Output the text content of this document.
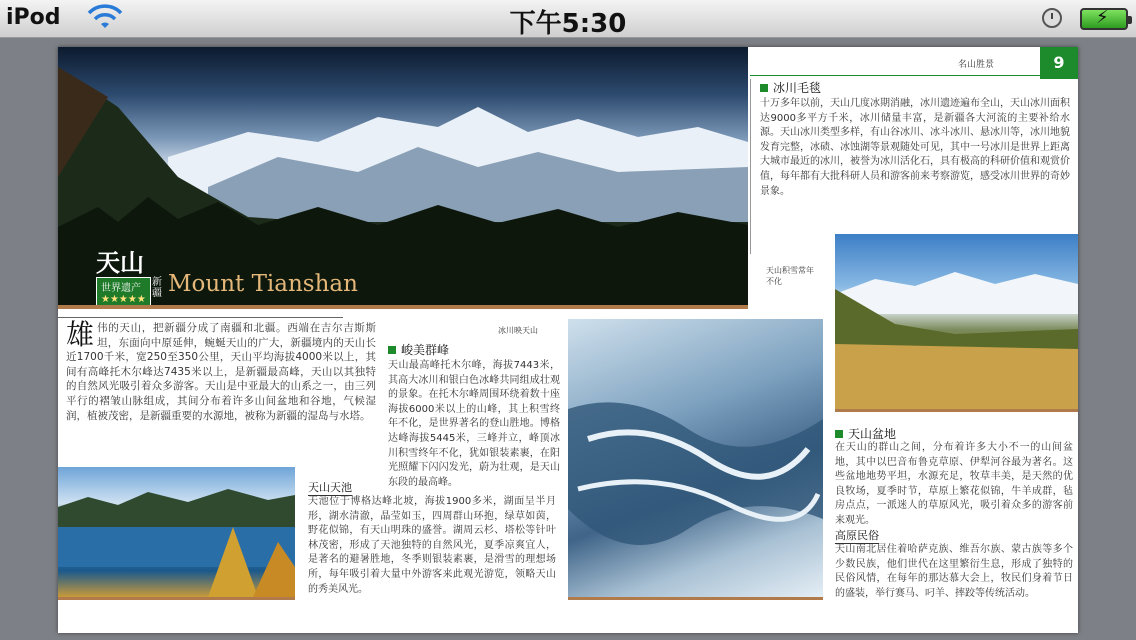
iPod	下午5:30	⚡
天山
世界遗产
★★★★★
新疆 Mount Tianshan
9
名山胜景
冰川毛毯
十万多年以前，天山几度冰期消融，冰川遗迹遍布全山，天山冰川面积达9000多平方千米，冰川储量丰富，是新疆各大河流的主要补给水源。天山冰川类型多样，有山谷冰川、冰斗冰川、悬冰川等，冰川地貌发育完整，冰碛、冰蚀湖等景观随处可见，其中一号冰川是世界上距离大城市最近的冰川，被誉为冰川活化石，具有极高的科研价值和观赏价值，每年都有大批科研人员和游客前来考察游览，感受冰川世界的奇妙景象。
天山积雪常年不化
天山盆地
在天山的群山之间，分布着许多大小不一的山间盆地，其中以巴音布鲁克草原、伊犁河谷最为著名。这些盆地地势平坦，水源充足，牧草丰美，是天然的优良牧场，夏季时节，草原上繁花似锦，牛羊成群，毡房点点，一派迷人的草原风光，吸引着众多的游客前来观光。
高原民俗
天山南北居住着哈萨克族、维吾尔族、蒙古族等多个少数民族，他们世代在这里繁衍生息，形成了独特的民俗风情，在每年的那达慕大会上，牧民们身着节日的盛装，举行赛马、叼羊、摔跤等传统活动。
雄伟的天山，把新疆分成了南疆和北疆。西端在吉尔吉斯斯坦，东面向中原延伸，蜿蜒天山的广大，新疆境内的天山长近1700千米，宽250至350公里，天山平均海拔4000米以上，其间有高峰托木尔峰达7435米以上，是新疆最高峰，天山以其独特的自然风光吸引着众多游客。天山是中亚最大的山系之一，由三列平行的褶皱山脉组成，其间分布着许多山间盆地和谷地，气候湿润，植被茂密，是新疆重要的水源地，被称为新疆的湿岛与水塔。
冰川映天山
峻美群峰
天山最高峰托木尔峰，海拔7443米，其高大冰川和银白色冰峰共同组成壮观的景象。在托木尔峰周围环绕着数十座海拔6000米以上的山峰，其上积雪终年不化，是世界著名的登山胜地。博格达峰海拔5445米，三峰并立，峰顶冰川积雪终年不化，犹如银装素裹，在阳光照耀下闪闪发光，蔚为壮观，是天山东段的最高峰。
天山天池
天池位于博格达峰北坡，海拔1900多米，湖面呈半月形，湖水清澈，晶莹如玉，四周群山环抱，绿草如茵，野花似锦，有天山明珠的盛誉。湖周云杉、塔松等针叶林茂密，形成了天池独特的自然风光，夏季凉爽宜人，是著名的避暑胜地，冬季则银装素裹，是滑雪的理想场所，每年吸引着大量中外游客来此观光游览，领略天山的秀美风光。
